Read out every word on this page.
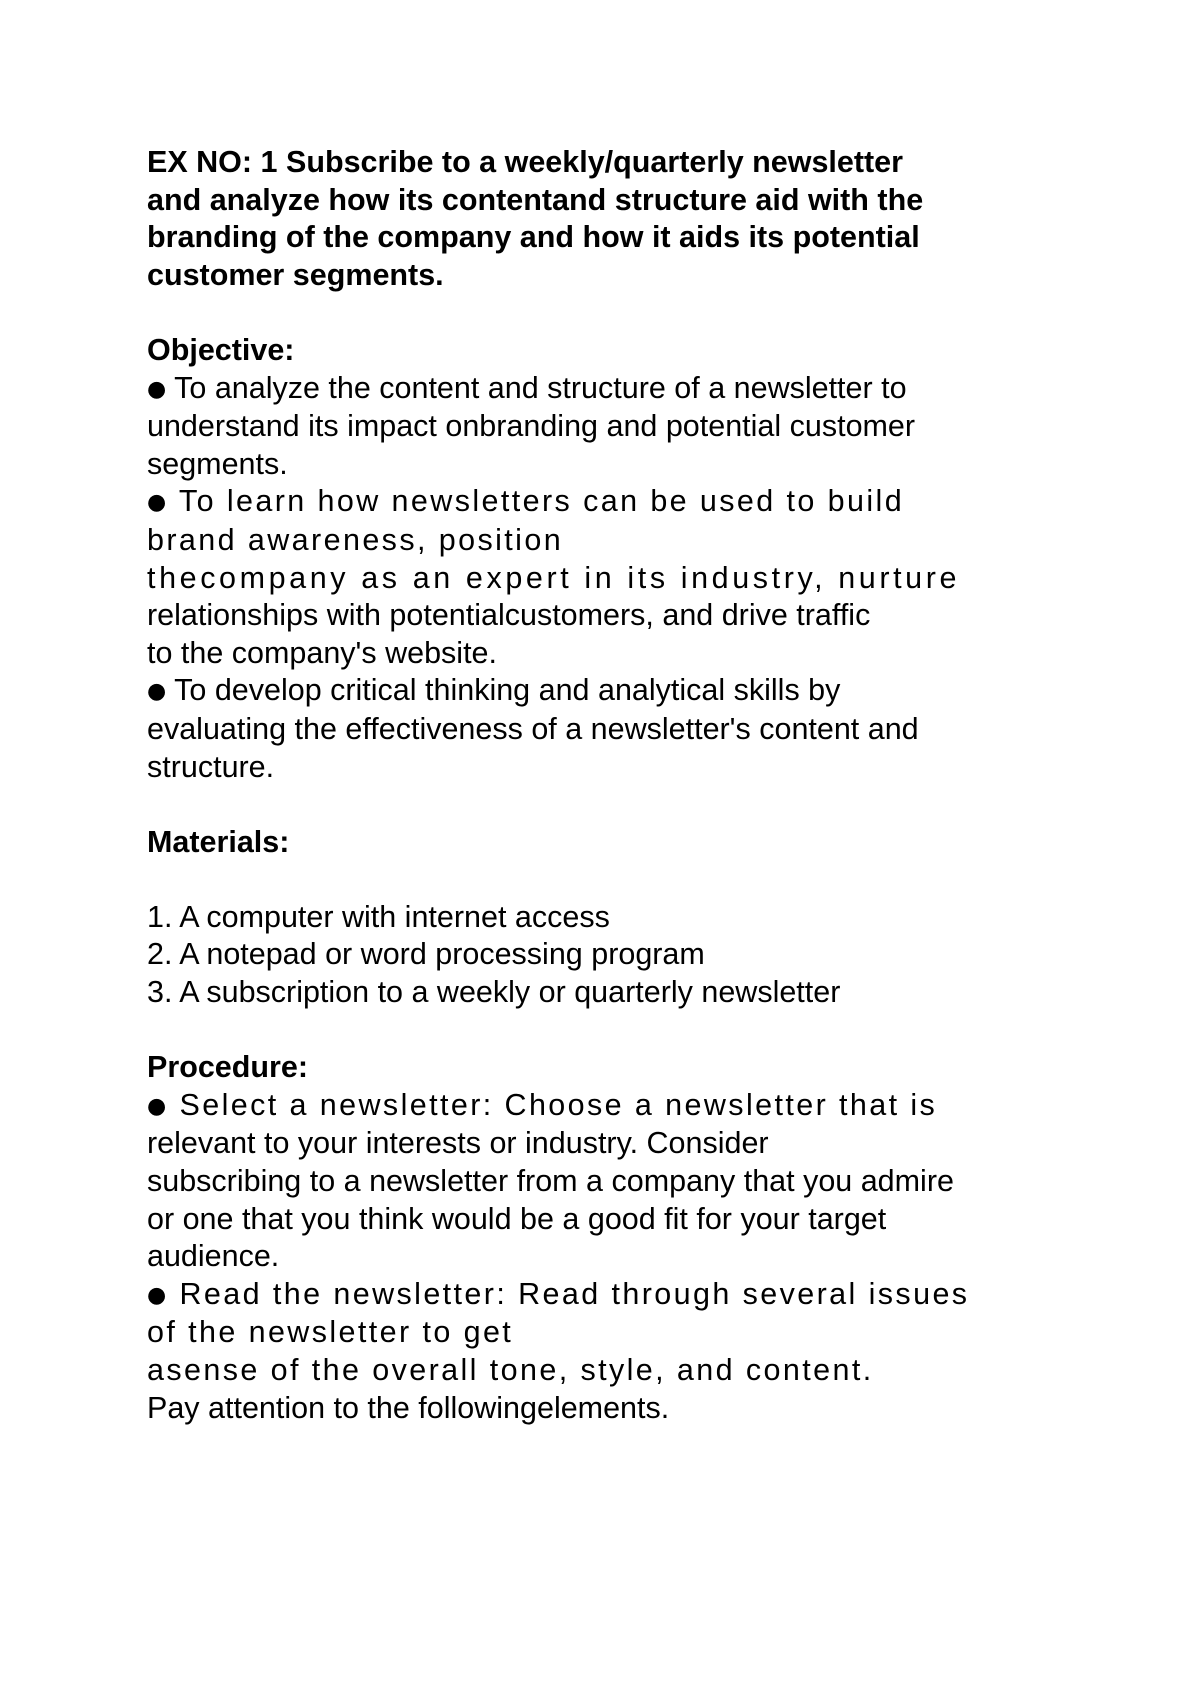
EX NO: 1 Subscribe to a weekly/quarterly newsletter
and analyze how its contentand structure aid with the
branding of the company and how it aids its potential
customer segments.
Objective:
● To analyze the content and structure of a newsletter to
understand its impact onbranding and potential customer
segments.
● To learn how newsletters can be used to build
brand awareness, position
thecompany as an expert in its industry, nurture
relationships with potentialcustomers, and drive traffic
to the company's website.
● To develop critical thinking and analytical skills by
evaluating the effectiveness of a newsletter's content and
structure.
Materials:
1. A computer with internet access
2. A notepad or word processing program
3. A subscription to a weekly or quarterly newsletter
Procedure:
● Select a newsletter: Choose a newsletter that is
relevant to your interests or industry. Consider
subscribing to a newsletter from a company that you admire
or one that you think would be a good fit for your target
audience.
● Read the newsletter: Read through several issues
of the newsletter to get
asense of the overall tone, style, and content.
Pay attention to the followingelements.
